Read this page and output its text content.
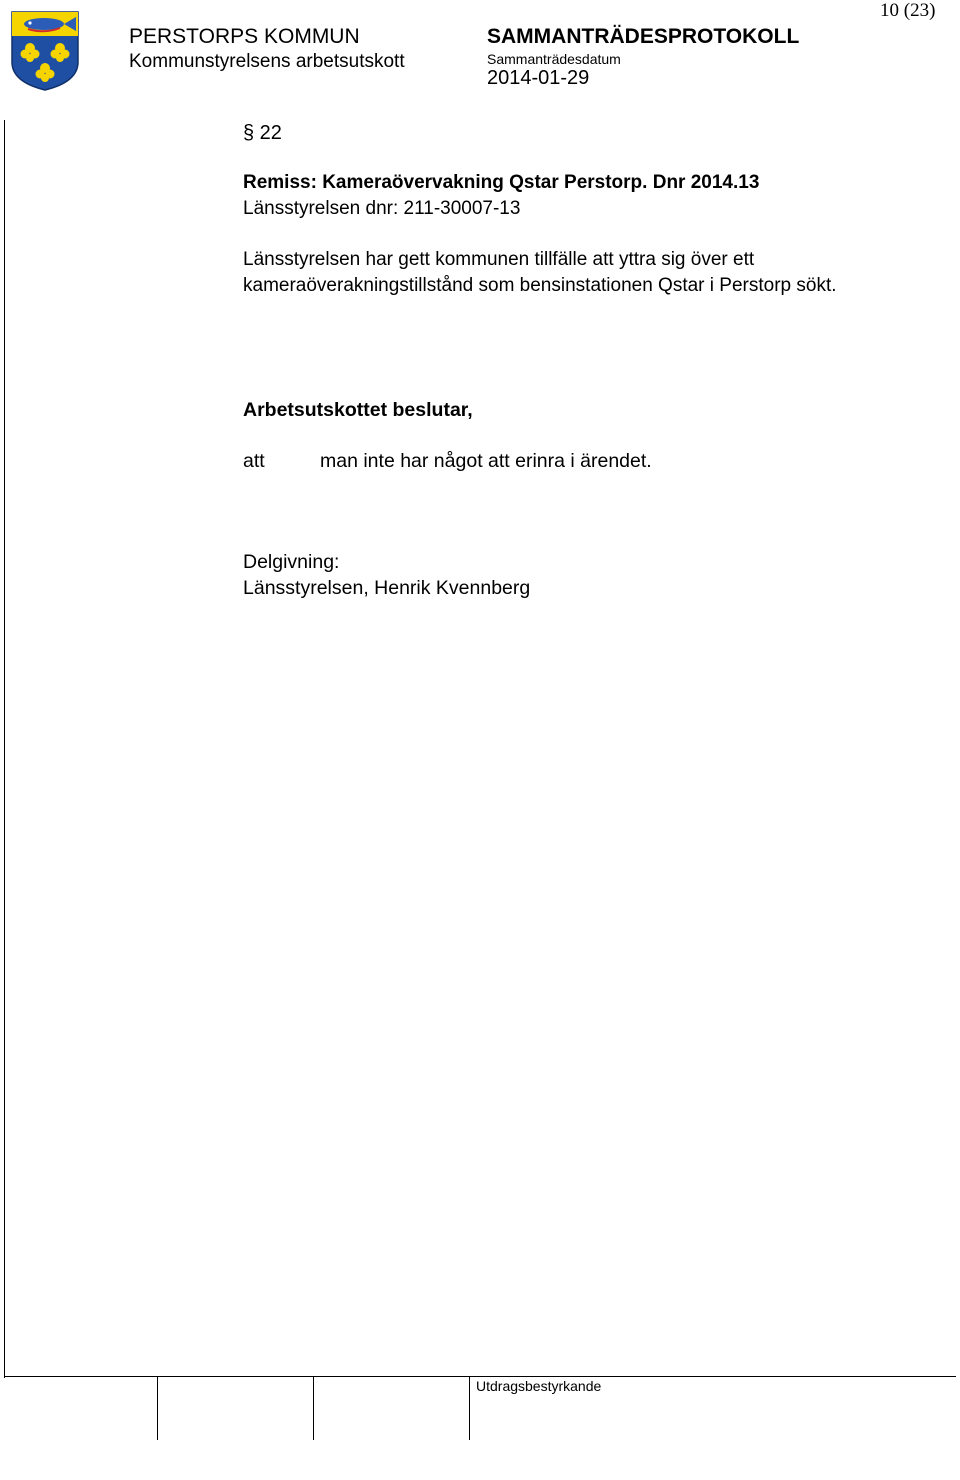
10 (23)
PERSTORPS KOMMUN
Kommunstyrelsens arbetsutskott
SAMMANTRÄDESPROTOKOLL
Sammanträdesdatum
2014-01-29
§ 22
Remiss: Kameraövervakning Qstar Perstorp. Dnr 2014.13
Länsstyrelsen dnr: 211-30007-13
Länsstyrelsen har gett kommunen tillfälle att yttra sig över ett kameraöverakningstillstånd som bensinstationen Qstar i Perstorp sökt.
Arbetsutskottet beslutar,
att	man inte har något att erinra i ärendet.
Delgivning:
Länsstyrelsen, Henrik Kvennberg
Utdragsbestyrkande
